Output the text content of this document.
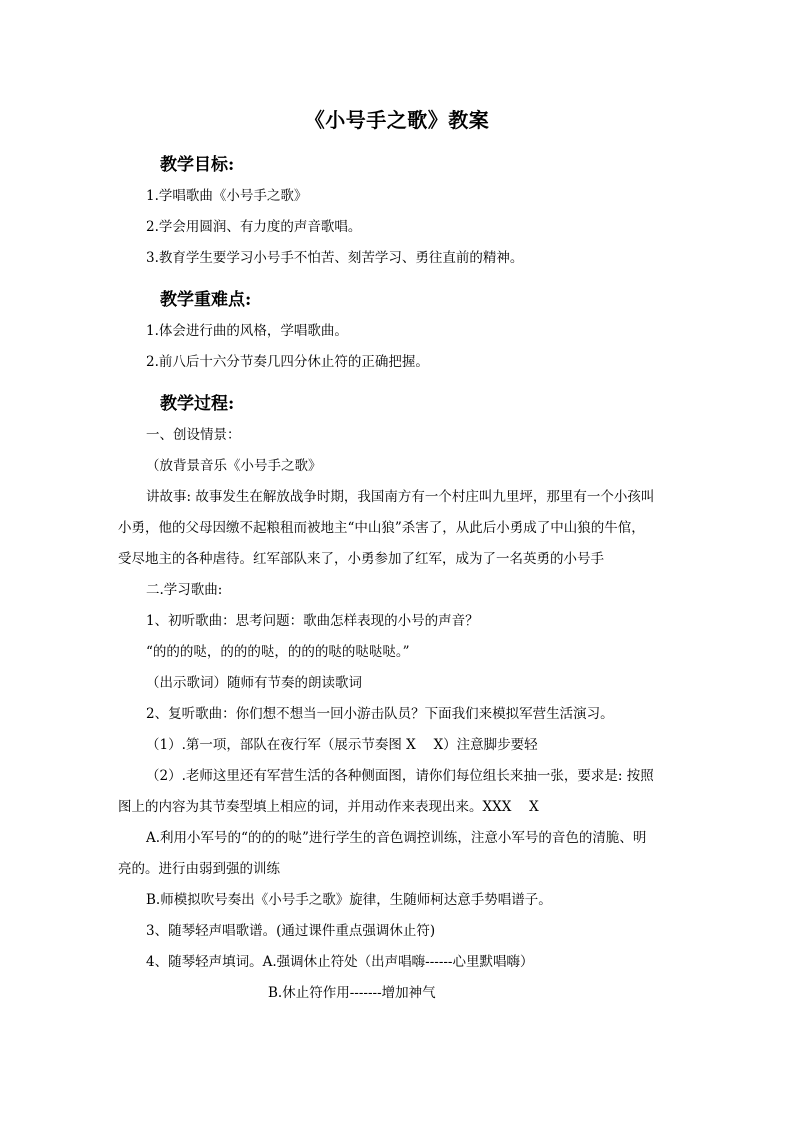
《小号手之歌》教案
教学目标:
1.学唱歌曲《小号手之歌》
2.学会用圆润、有力度的声音歌唱。
3.教育学生要学习小号手不怕苦、刻苦学习、勇往直前的精神。
教学重难点:
1.体会进行曲的风格，学唱歌曲。
2.前八后十六分节奏几四分休止符的正确把握。
教学过程:
一、创设情景：
（放背景音乐《小号手之歌》
讲故事: 故事发生在解放战争时期，我国南方有一个村庄叫九里坪，那里有一个小孩叫
小勇，他的父母因缴不起粮租而被地主“中山狼”杀害了，从此后小勇成了中山狼的牛倌，
受尽地主的各种虐待。红军部队来了，小勇参加了红军，成为了一名英勇的小号手
二.学习歌曲:
1、初听歌曲：思考问题：歌曲怎样表现的小号的声音？
“的的的哒，的的的哒，的的的哒的哒哒哒。”
（出示歌词）随师有节奏的朗读歌词
2、复听歌曲：你们想不想当一回小游击队员？下面我们来模拟军营生活演习。
（1）.第一项，部队在夜行军（展示节奏图 X　 X）注意脚步要轻
（2）.老师这里还有军营生活的各种侧面图，请你们每位组长来抽一张，要求是: 按照
图上的内容为其节奏型填上相应的词，并用动作来表现出来。XXX　 X
A.利用小军号的“的的的哒”进行学生的音色调控训练，注意小军号的音色的清脆、明
亮的。进行由弱到强的训练
B.师模拟吹号奏出《小号手之歌》旋律，生随师柯达意手势唱谱子。
3、随琴轻声唱歌谱。(通过课件重点强调休止符)
4、随琴轻声填词。A.强调休止符处（出声唱嗨------心里默唱嗨）
B.休止符作用-------增加神气
